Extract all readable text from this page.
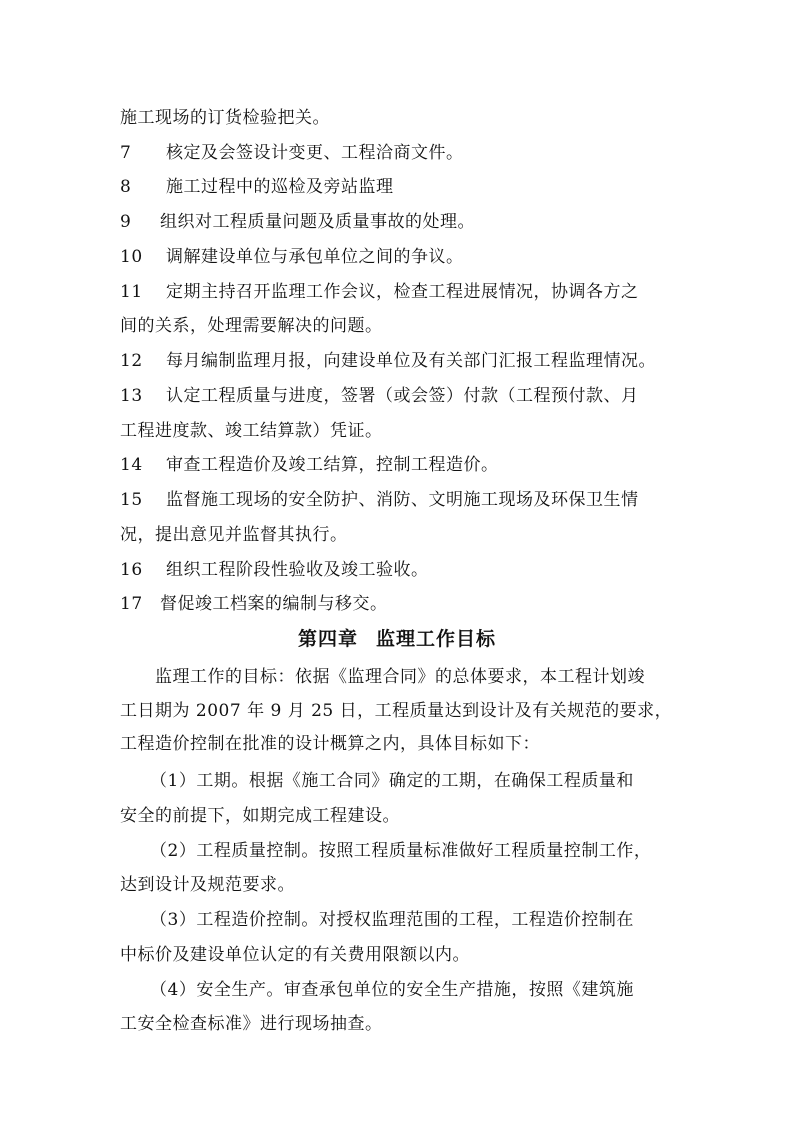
施工现场的订货检验把关。
7 核定及会签设计变更、工程洽商文件。
8 施工过程中的巡检及旁站监理
9 组织对工程质量问题及质量事故的处理。
10 调解建设单位与承包单位之间的争议。
11 定期主持召开监理工作会议，检查工程进展情况，协调各方之
间的关系，处理需要解决的问题。
12 每月编制监理月报，向建设单位及有关部门汇报工程监理情况。
13 认定工程质量与进度，签署（或会签）付款（工程预付款、月
工程进度款、竣工结算款）凭证。
14 审查工程造价及竣工结算，控制工程造价。
15 监督施工现场的安全防护、消防、文明施工现场及环保卫生情
况，提出意见并监督其执行。
16 组织工程阶段性验收及竣工验收。
17 督促竣工档案的编制与移交。
第四章 监理工作目标
监理工作的目标：依据《监理合同》的总体要求，本工程计划竣
工日期为 2007 年 9 月 25 日，工程质量达到设计及有关规范的要求，
工程造价控制在批准的设计概算之内，具体目标如下：
（1）工期。根据《施工合同》确定的工期，在确保工程质量和
安全的前提下，如期完成工程建设。
（2）工程质量控制。按照工程质量标准做好工程质量控制工作，
达到设计及规范要求。
（3）工程造价控制。对授权监理范围的工程，工程造价控制在
中标价及建设单位认定的有关费用限额以内。
（4）安全生产。审查承包单位的安全生产措施，按照《建筑施
工安全检查标准》进行现场抽查。
